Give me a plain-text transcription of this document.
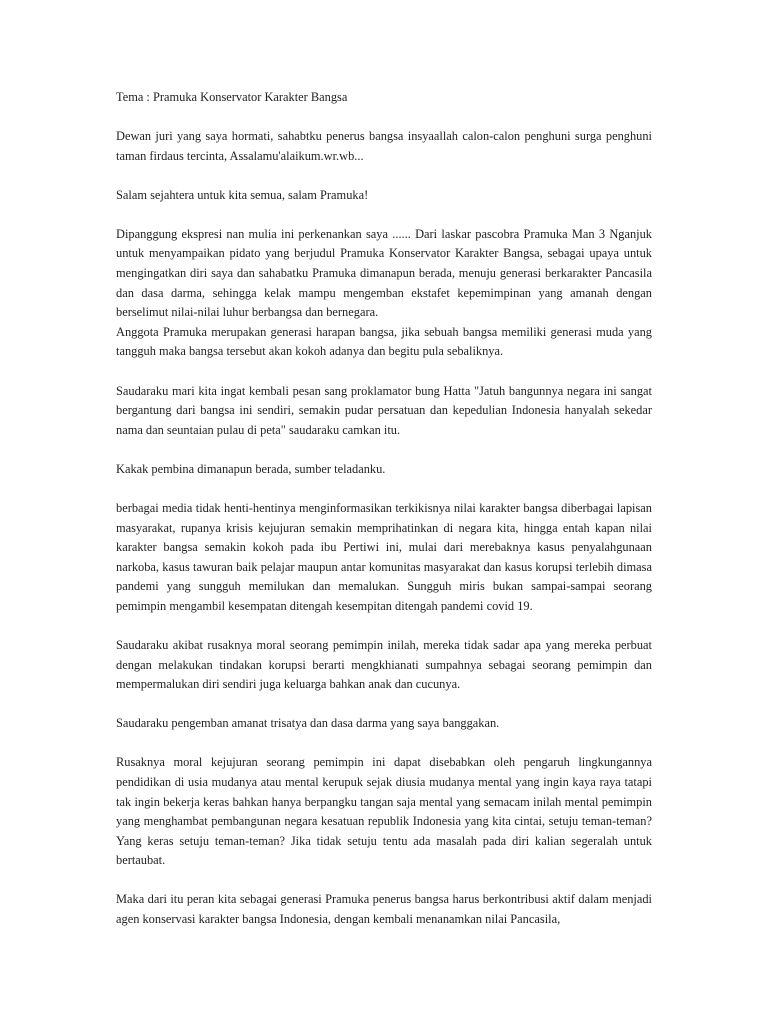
Tema : Pramuka Konservator Karakter Bangsa

Dewan juri yang saya hormati, sahabtku penerus bangsa insyaallah calon-calon penghuni surga penghuni taman firdaus tercinta, Assalamu'alaikum.wr.wb...

Salam sejahtera untuk kita semua, salam Pramuka!

Dipanggung ekspresi nan mulia ini perkenankan saya ...... Dari laskar pascobra Pramuka Man 3 Nganjuk untuk menyampaikan pidato yang berjudul Pramuka Konservator Karakter Bangsa, sebagai upaya untuk mengingatkan diri saya dan sahabatku Pramuka dimanapun berada, menuju generasi berkarakter Pancasila dan dasa darma, sehingga kelak mampu mengemban ekstafet kepemimpinan yang amanah dengan berselimut nilai-nilai luhur berbangsa dan bernegara.

Anggota Pramuka merupakan generasi harapan bangsa, jika sebuah bangsa memiliki generasi muda yang tangguh maka bangsa tersebut akan kokoh adanya dan begitu pula sebaliknya.

Saudaraku mari kita ingat kembali pesan sang proklamator bung Hatta "Jatuh bangunnya negara ini sangat bergantung dari bangsa ini sendiri, semakin pudar persatuan dan kepedulian Indonesia hanyalah sekedar nama dan seuntaian pulau di peta" saudaraku camkan itu.

Kakak pembina dimanapun berada, sumber teladanku.

berbagai media tidak henti-hentinya menginformasikan terkikisnya nilai karakter bangsa diberbagai lapisan masyarakat, rupanya krisis kejujuran semakin memprihatinkan di negara kita, hingga entah kapan nilai karakter bangsa semakin kokoh pada ibu Pertiwi ini, mulai dari merebaknya kasus penyalahgunaan narkoba, kasus tawuran baik pelajar maupun antar komunitas masyarakat dan kasus korupsi terlebih dimasa pandemi yang sungguh memilukan dan memalukan. Sungguh miris bukan sampai-sampai seorang pemimpin mengambil kesempatan ditengah kesempitan ditengah pandemi covid 19.

Saudaraku akibat rusaknya moral seorang pemimpin inilah, mereka tidak sadar apa yang mereka perbuat dengan melakukan tindakan korupsi berarti mengkhianati sumpahnya sebagai seorang pemimpin dan mempermalukan diri sendiri juga keluarga bahkan anak dan cucunya.

Saudaraku pengemban amanat trisatya dan dasa darma yang saya banggakan.

Rusaknya moral kejujuran seorang pemimpin ini dapat disebabkan oleh pengaruh lingkungannya pendidikan di usia mudanya atau mental kerupuk sejak diusia mudanya mental yang ingin kaya raya tatapi tak ingin bekerja keras bahkan hanya berpangku tangan saja mental yang semacam inilah mental pemimpin yang menghambat pembangunan negara kesatuan republik Indonesia yang kita cintai, setuju teman-teman? Yang keras setuju teman-teman? Jika tidak setuju tentu ada masalah pada diri kalian segeralah untuk bertaubat.

Maka dari itu peran kita sebagai generasi Pramuka penerus bangsa harus berkontribusi aktif dalam menjadi agen konservasi karakter bangsa Indonesia, dengan kembali menanamkan nilai Pancasila,
